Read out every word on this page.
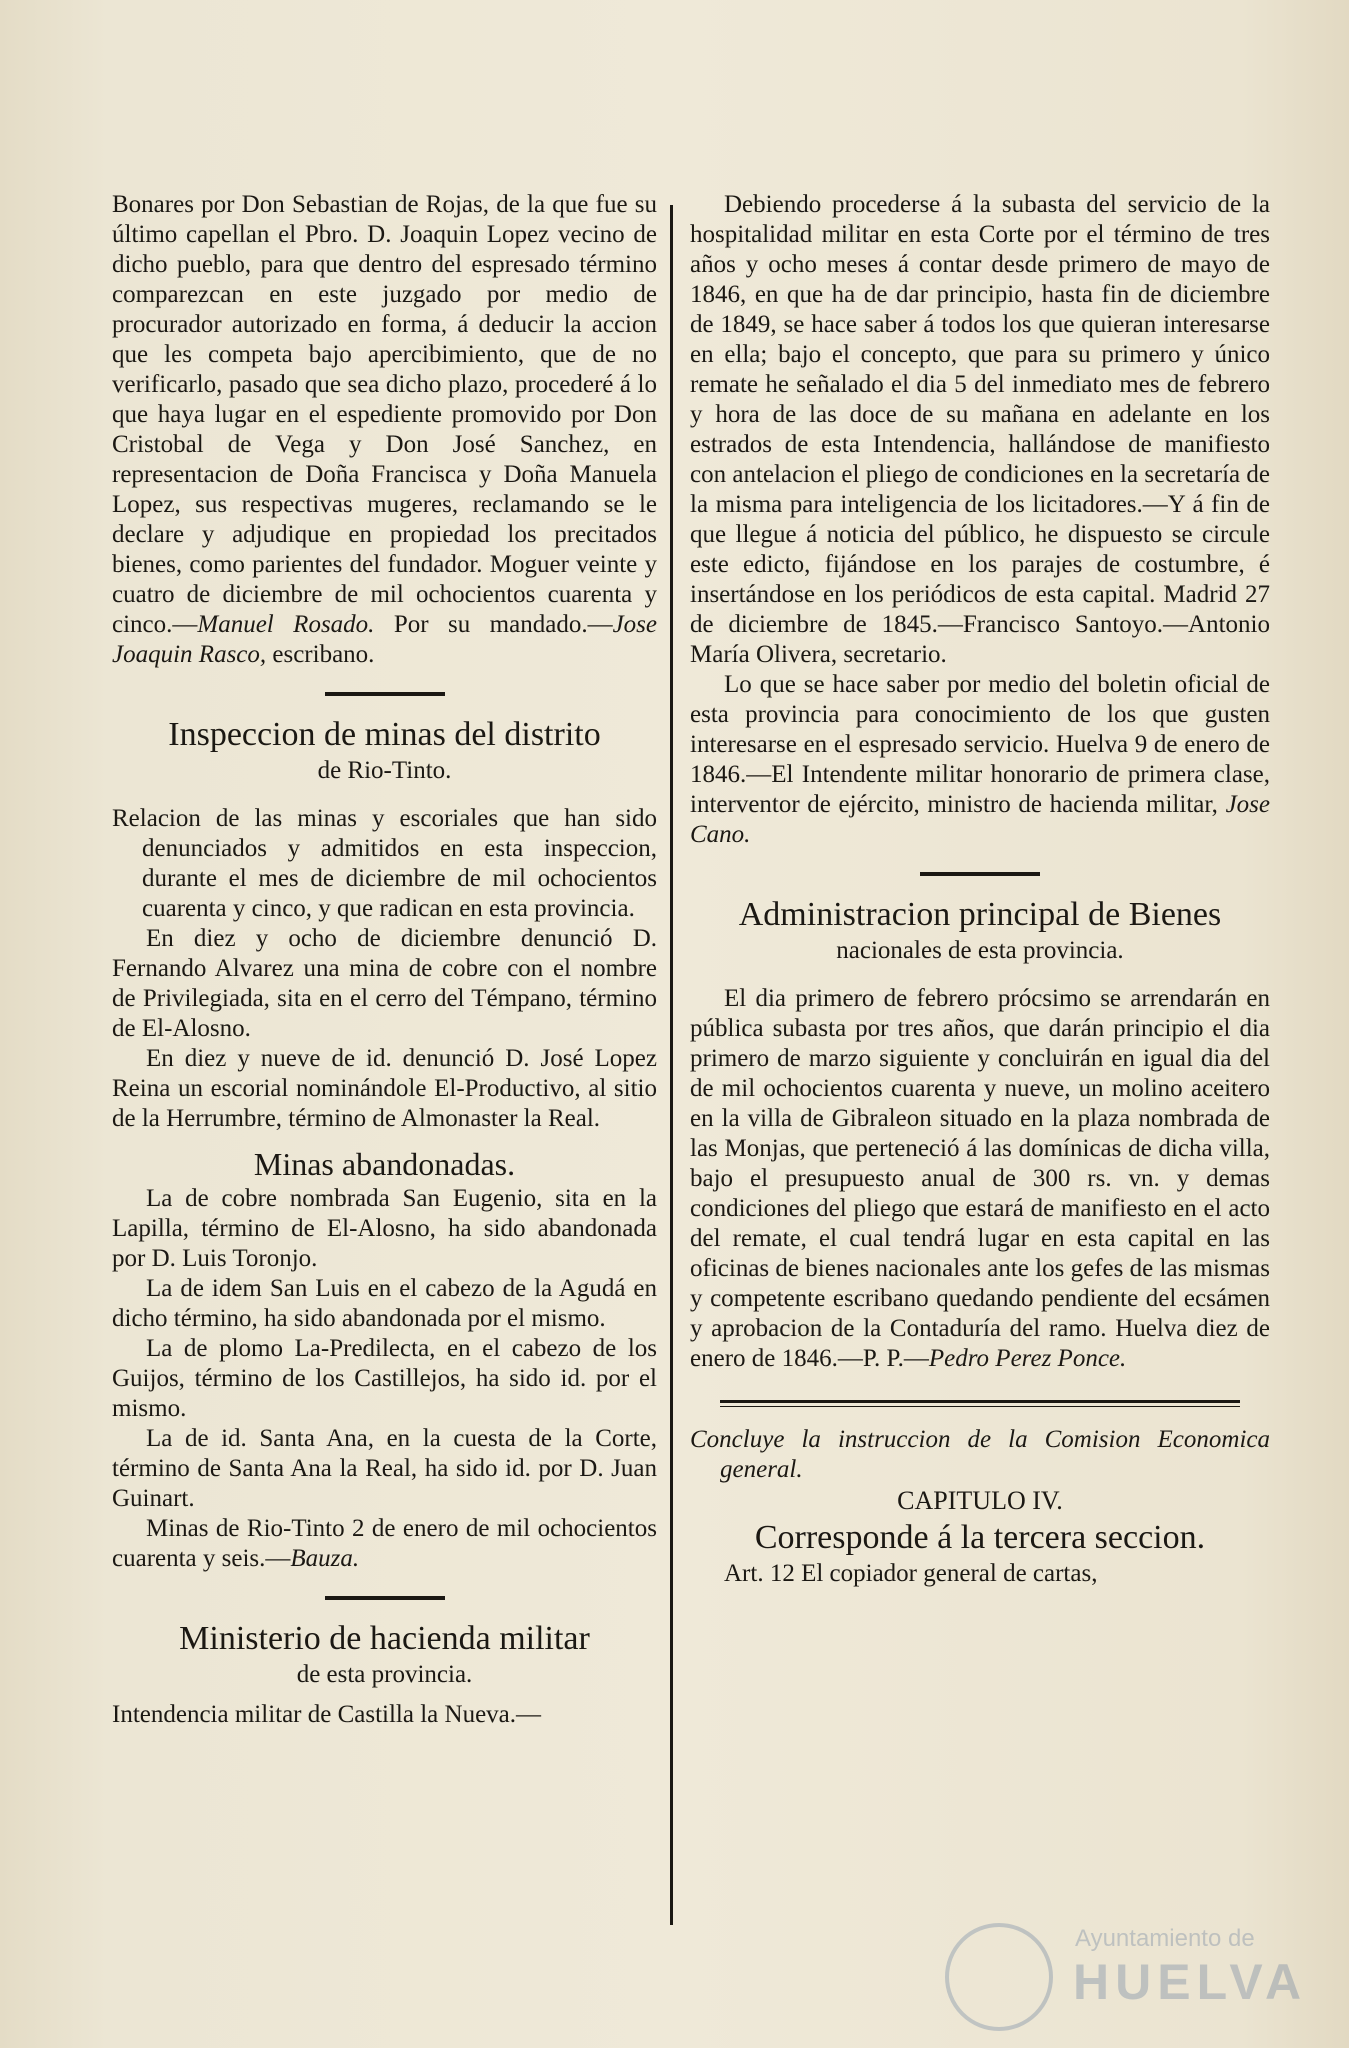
Bonares por Don Sebastian de Rojas, de la que fue su último capellan el Pbro. D. Joaquin Lopez vecino de dicho pueblo, para que dentro del espresado término comparezcan en este juzgado por medio de procurador autorizado en forma, á deducir la accion que les competa bajo apercibimiento, que de no verificarlo, pasado que sea dicho plazo, procederé á lo que haya lugar en el espediente promovido por Don Cristobal de Vega y Don José Sanchez, en representacion de Doña Francisca y Doña Manuela Lopez, sus respectivas mugeres, reclamando se le declare y adjudique en propiedad los precitados bienes, como parientes del fundador. Moguer veinte y cuatro de diciembre de mil ochocientos cuarenta y cinco.—Manuel Rosado. Por su mandado.—Jose Joaquin Rasco, escribano.

Inspeccion de minas del distrito

de Rio-Tinto.

Relacion de las minas y escoriales que han sido denunciados y admitidos en esta inspeccion, durante el mes de diciembre de mil ochocientos cuarenta y cinco, y que radican en esta provincia.

En diez y ocho de diciembre denunció D. Fernando Alvarez una mina de cobre con el nombre de Privilegiada, sita en el cerro del Témpano, término de El-Alosno.

En diez y nueve de id. denunció D. José Lopez Reina un escorial nominándole El-Productivo, al sitio de la Herrumbre, término de Almonaster la Real.

Minas abandonadas.

La de cobre nombrada San Eugenio, sita en la Lapilla, término de El-Alosno, ha sido abandonada por D. Luis Toronjo.

La de idem San Luis en el cabezo de la Agudá en dicho término, ha sido abandonada por el mismo.

La de plomo La-Predilecta, en el cabezo de los Guijos, término de los Castillejos, ha sido id. por el mismo.

La de id. Santa Ana, en la cuesta de la Corte, término de Santa Ana la Real, ha sido id. por D. Juan Guinart.

Minas de Rio-Tinto 2 de enero de mil ochocientos cuarenta y seis.—Bauza.

Ministerio de hacienda militar

de esta provincia.

Intendencia militar de Castilla la Nueva.—

Debiendo procederse á la subasta del servicio de la hospitalidad militar en esta Corte por el término de tres años y ocho meses á contar desde primero de mayo de 1846, en que ha de dar principio, hasta fin de diciembre de 1849, se hace saber á todos los que quieran interesarse en ella; bajo el concepto, que para su primero y único remate he señalado el dia 5 del inmediato mes de febrero y hora de las doce de su mañana en adelante en los estrados de esta Intendencia, hallándose de manifiesto con antelacion el pliego de condiciones en la secretaría de la misma para inteligencia de los licitadores.—Y á fin de que llegue á noticia del público, he dispuesto se circule este edicto, fijándose en los parajes de costumbre, é insertándose en los periódicos de esta capital. Madrid 27 de diciembre de 1845.—Francisco Santoyo.—Antonio María Olivera, secretario.

Lo que se hace saber por medio del boletin oficial de esta provincia para conocimiento de los que gusten interesarse en el espresado servicio. Huelva 9 de enero de 1846.—El Intendente militar honorario de primera clase, interventor de ejército, ministro de hacienda militar, Jose Cano.

Administracion principal de Bienes

nacionales de esta provincia.

El dia primero de febrero prócsimo se arrendarán en pública subasta por tres años, que darán principio el dia primero de marzo siguiente y concluirán en igual dia del de mil ochocientos cuarenta y nueve, un molino aceitero en la villa de Gibraleon situado en la plaza nombrada de las Monjas, que perteneció á las domínicas de dicha villa, bajo el presupuesto anual de 300 rs. vn. y demas condiciones del pliego que estará de manifiesto en el acto del remate, el cual tendrá lugar en esta capital en las oficinas de bienes nacionales ante los gefes de las mismas y competente escribano quedando pendiente del ecsámen y aprobacion de la Contaduría del ramo. Huelva diez de enero de 1846.—P. P.—Pedro Perez Ponce.

Concluye la instruccion de la Comision Economica general.

CAPITULO IV.

Corresponde á la tercera seccion.

Art. 12 El copiador general de cartas,

Ayuntamiento de
HUELVA
